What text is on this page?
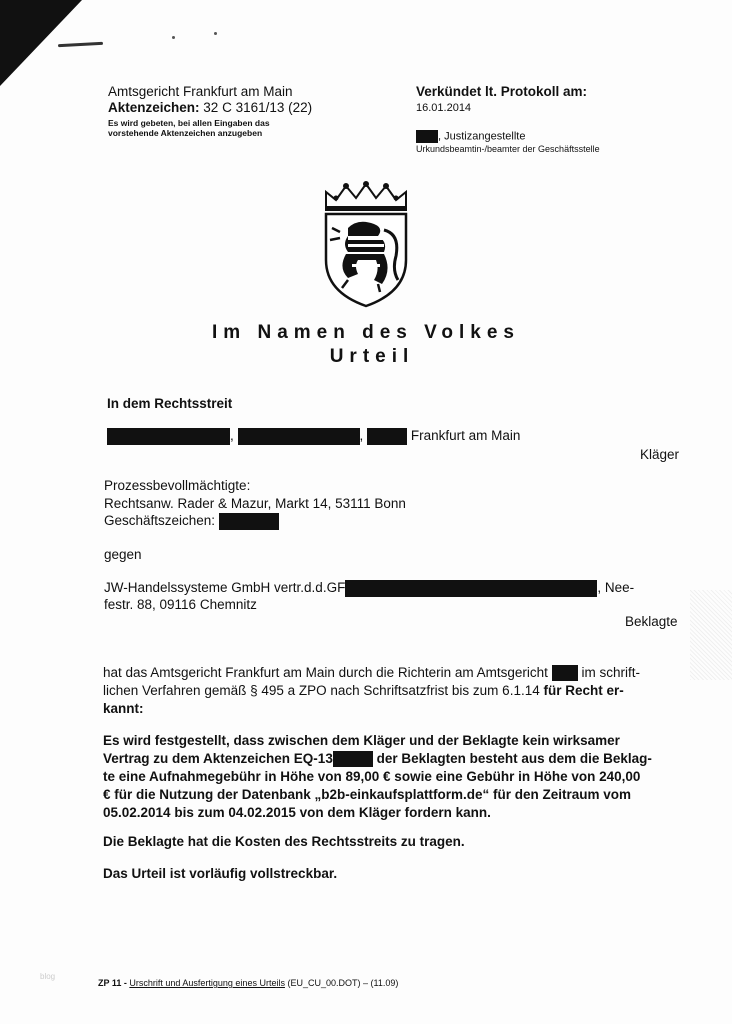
Amtsgericht Frankfurt am Main
Aktenzeichen: 32 C 3161/13 (22)
Es wird gebeten, bei allen Eingaben das
vorstehende Aktenzeichen anzugeben
Verkündet lt. Protokoll am:
16.01.2014
, Justizangestellte
Urkundsbeamtin-/beamter der Geschäftsstelle
Im Namen des Volkes
Urteil
In dem Rechtsstreit
,	,	Frankfurt am Main
Kläger
Prozessbevollmächtigte:
Rechtsanw. Rader & Mazur, Markt 14, 53111 Bonn
Geschäftszeichen:
gegen
JW-Handelssysteme GmbH vertr.d.d.GF	, Nee-
festr. 88, 09116 Chemnitz
Beklagte
hat das Amtsgericht Frankfurt am Main durch die Richterin am Amtsgericht im schrift-
lichen Verfahren gemäß § 495 a ZPO nach Schriftsatzfrist bis zum 6.1.14 für Recht er-
kannt:
Es wird festgestellt, dass zwischen dem Kläger und der Beklagte kein wirksamer
Vertrag zu dem Aktenzeichen EQ-13	der Beklagten besteht aus dem die Beklag-
te eine Aufnahmegebühr in Höhe von 89,00 € sowie eine Gebühr in Höhe von 240,00
€ für die Nutzung der Datenbank „b2b-einkaufsplattform.de“ für den Zeitraum vom
05.02.2014 bis zum 04.02.2015 von dem Kläger fordern kann.
Die Beklagte hat die Kosten des Rechtsstreits zu tragen.
Das Urteil ist vorläufig vollstreckbar.
blog
ZP 11 - Urschrift und Ausfertigung eines Urteils (EU_CU_00.DOT) – (11.09)
